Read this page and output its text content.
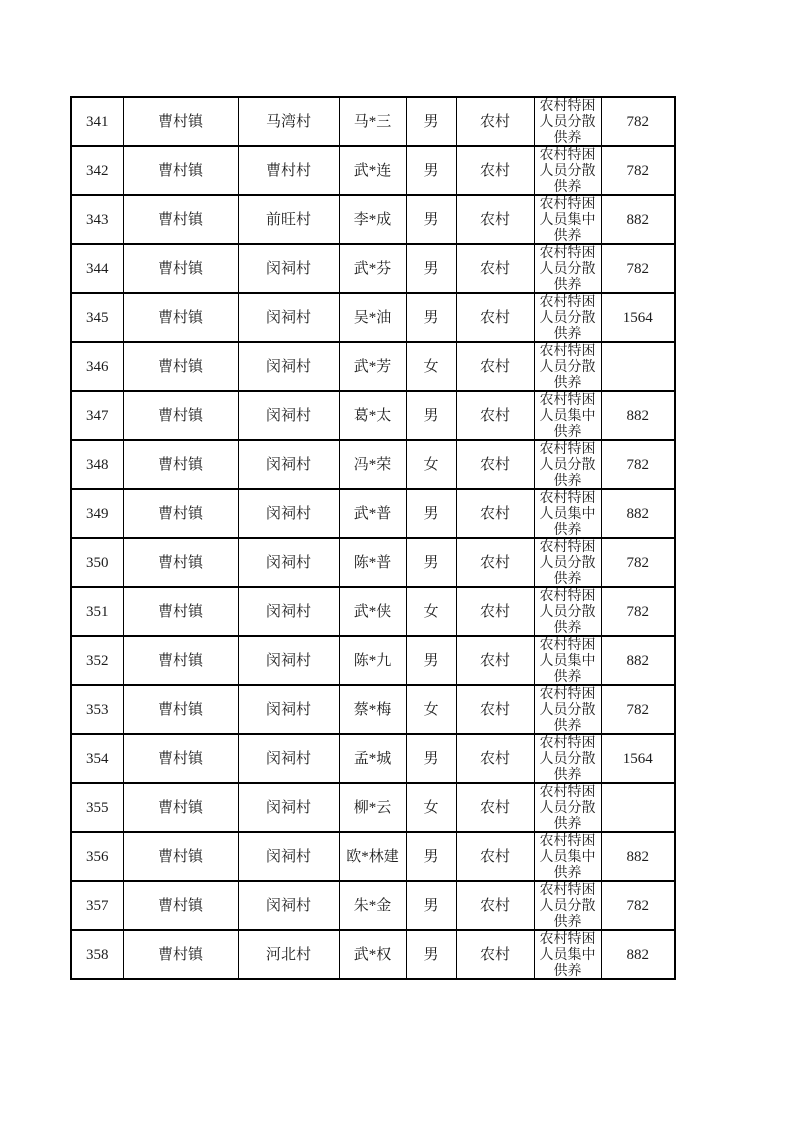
341	曹村镇	马湾村	马*三	男	农村	农村特困人员分散供养	782
342	曹村镇	曹村村	武*连	男	农村	农村特困人员分散供养	782
343	曹村镇	前旺村	李*成	男	农村	农村特困人员集中供养	882
344	曹村镇	闵祠村	武*芬	男	农村	农村特困人员分散供养	782
345	曹村镇	闵祠村	吴*油	男	农村	农村特困人员分散供养	1564
346	曹村镇	闵祠村	武*芳	女	农村	农村特困人员分散供养	

347	曹村镇	闵祠村	葛*太	男	农村	农村特困人员集中供养	882
348	曹村镇	闵祠村	冯*荣	女	农村	农村特困人员分散供养	782
349	曹村镇	闵祠村	武*普	男	农村	农村特困人员集中供养	882
350	曹村镇	闵祠村	陈*普	男	农村	农村特困人员分散供养	782
351	曹村镇	闵祠村	武*侠	女	农村	农村特困人员分散供养	782
352	曹村镇	闵祠村	陈*九	男	农村	农村特困人员集中供养	882
353	曹村镇	闵祠村	蔡*梅	女	农村	农村特困人员分散供养	782
354	曹村镇	闵祠村	孟*城	男	农村	农村特困人员分散供养	1564
355	曹村镇	闵祠村	柳*云	女	农村	农村特困人员分散供养	

356	曹村镇	闵祠村	欧*林建	男	农村	农村特困人员集中供养	882
357	曹村镇	闵祠村	朱*金	男	农村	农村特困人员分散供养	782
358	曹村镇	河北村	武*权	男	农村	农村特困人员集中供养	882
